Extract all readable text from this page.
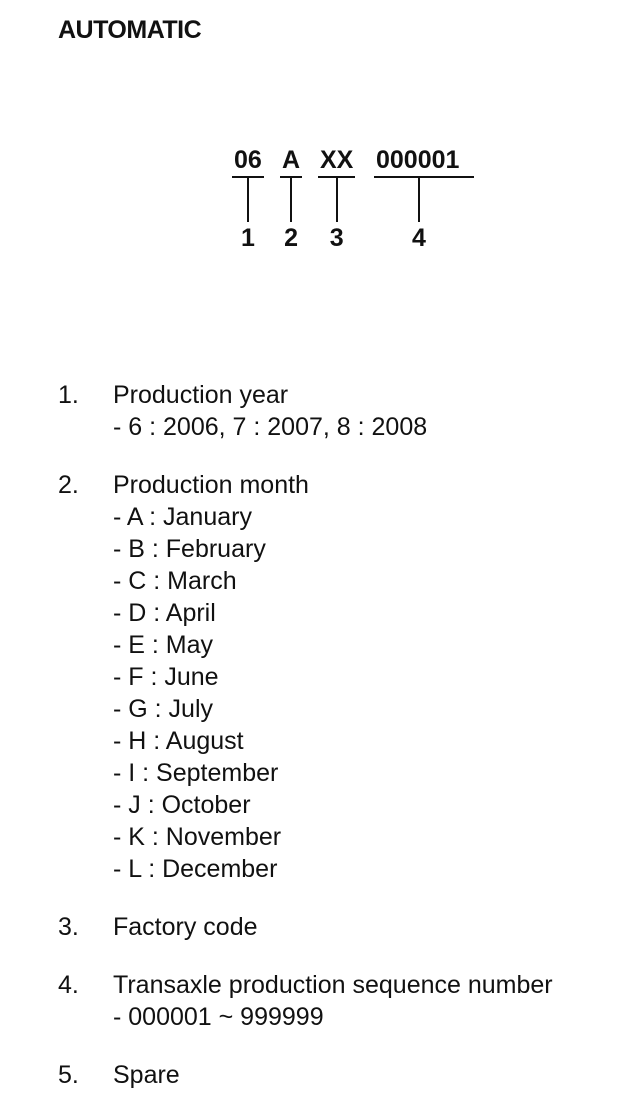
AUTOMATIC
06
1
A
2
XX
3
000001
4
1. Production year
- 6 : 2006, 7 : 2007, 8 : 2008
2. Production month
- A : January
- B : February
- C : March
- D : April
- E : May
- F : June
- G : July
- H : August
- I : September
- J : October
- K : November
- L : December
3. Factory code
4. Transaxle production sequence number
- 000001 ~ 999999
5. Spare
